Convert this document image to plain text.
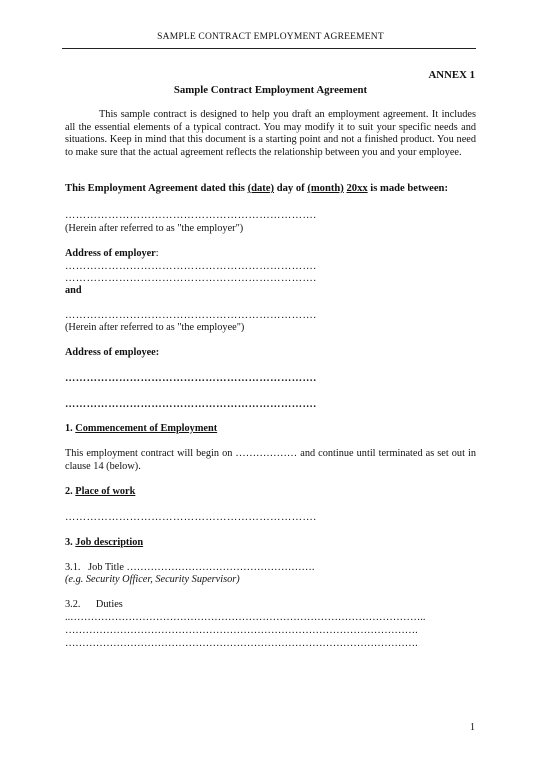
SAMPLE CONTRACT EMPLOYMENT AGREEMENT
ANNEX 1
Sample Contract Employment Agreement
This sample contract is designed to help you draft an employment agreement. It includes all the essential elements of a typical contract. You may modify it to suit your specific needs and situations. Keep in mind that this document is a starting point and not a finished product. You need to make sure that the actual agreement reflects the relationship between you and your employee.
This Employment Agreement dated this (date) day of (month) 20xx is made between:
…………………………………………………………….
(Herein after referred to as "the employer")
Address of employer:
…………………………………………………………….
…………………………………………………………….
and
…………………………………………………………….
(Herein after referred to as "the employee")
Address of employee:
…………………………………………………………….
…………………………………………………………….
1. Commencement of Employment
This employment contract will begin on ……………… and continue until terminated as set out in clause 14 (below).
2. Place of work
…………………………………………………………….
3. Job description
3.1.   Job Title ……………………………………………….
(e.g. Security Officer, Security Supervisor)
3.2.      Duties
..…………………………………………………………………………………………..
………………………………………………………………………………………….
………………………………………………………………………………………….
1
